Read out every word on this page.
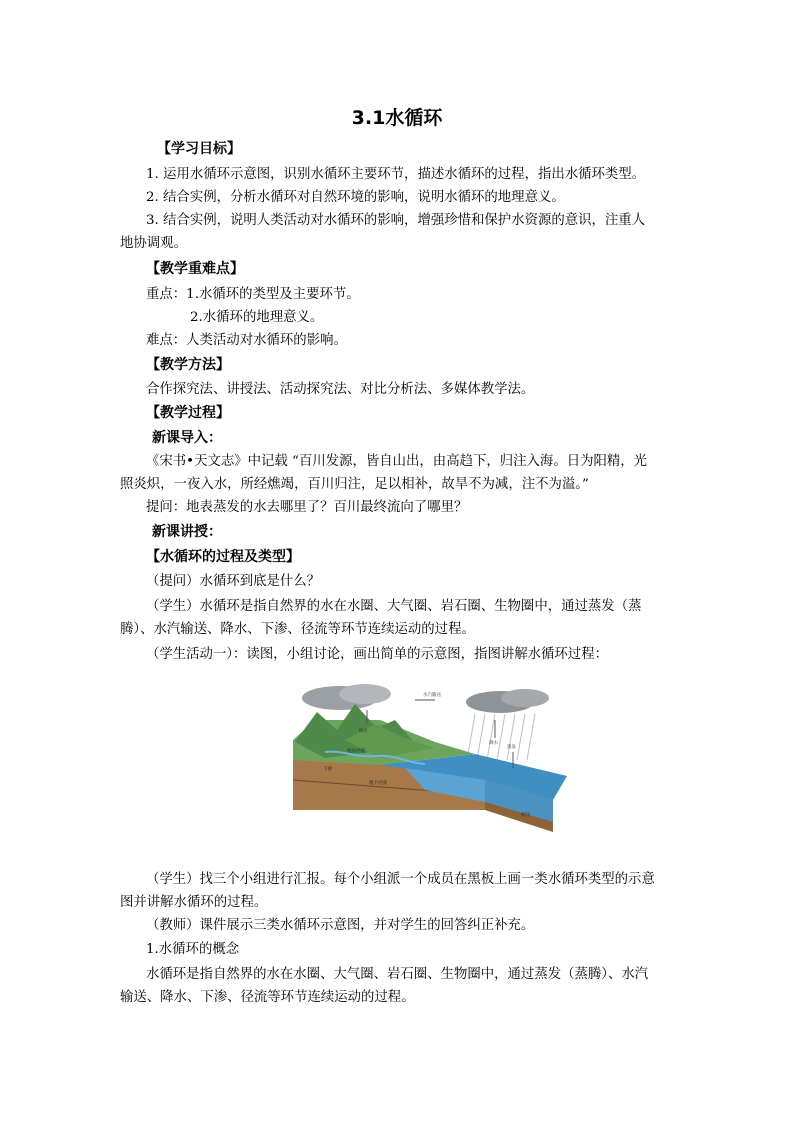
3.1水循环
【学习目标】
1. 运用水循环示意图，识别水循环主要环节，描述水循环的过程，指出水循环类型。
2. 结合实例，分析水循环对自然环境的影响，说明水循环的地理意义。
3. 结合实例，说明人类活动对水循环的影响，增强珍惜和保护水资源的意识，注重人
地协调观。
【教学重难点】
重点：1.水循环的类型及主要环节。
2.水循环的地理意义。
难点：人类活动对水循环的影响。
【教学方法】
合作探究法、讲授法、活动探究法、对比分析法、多媒体教学法。
【教学过程】
新课导入：
《宋书•天文志》中记载 “百川发源，皆自山出，由高趋下，归注入海。日为阳精，光
照炎炽，一夜入水，所经燋竭，百川归注，足以相补，故旱不为减，注不为溢。”
提问：地表蒸发的水去哪里了？百川最终流向了哪里？
新课讲授：
【水循环的过程及类型】
（提问）水循环到底是什么？
（学生）水循环是指自然界的水在水圈、大气圈、岩石圈、生物圈中，通过蒸发（蒸
腾）、水汽输送、降水、下渗、径流等环节连续运动的过程。
（学生活动一）：读图，小组讨论，画出简单的示意图，指图讲解水循环过程：
水汽输送
降水
降水
蒸发
地表径流
下渗
地下径流
海洋
（学生）找三个小组进行汇报。每个小组派一个成员在黑板上画一类水循环类型的示意
图并讲解水循环的过程。
（教师）课件展示三类水循环示意图，并对学生的回答纠正补充。
1.水循环的概念
水循环是指自然界的水在水圈、大气圈、岩石圈、生物圈中，通过蒸发（蒸腾）、水汽
输送、降水、下渗、径流等环节连续运动的过程。
